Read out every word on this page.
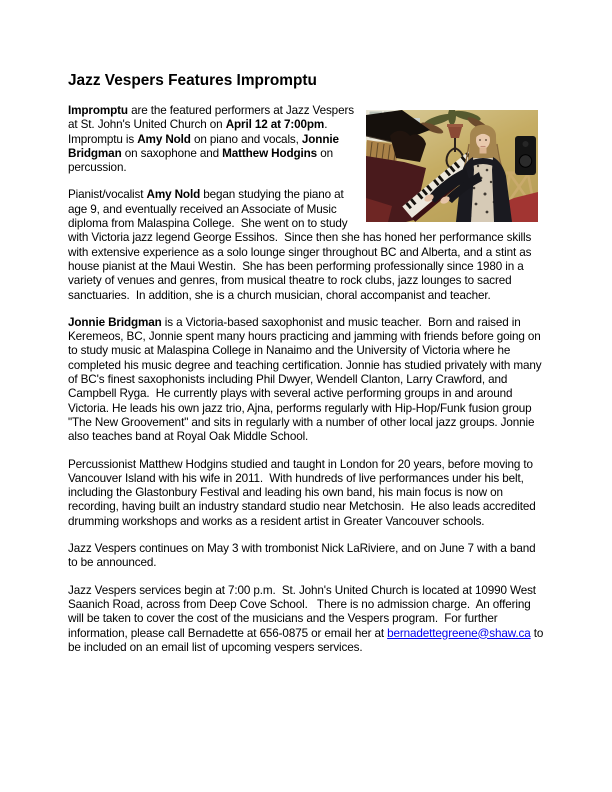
Jazz Vespers Features Impromptu

Impromptu are the featured performers at Jazz Vespers at St. John's United Church on April 12 at 7:00pm.  Impromptu is Amy Nold on piano and vocals, Jonnie Bridgman on saxophone and Matthew Hodgins on percussion.

Pianist/vocalist Amy Nold began studying the piano at age 9, and eventually received an Associate of Music diploma from Malaspina College.  She went on to study with Victoria jazz legend George Essihos.  Since then she has honed her performance skills with extensive experience as a solo lounge singer throughout BC and Alberta, and a stint as house pianist at the Maui Westin.  She has been performing professionally since 1980 in a variety of venues and genres, from musical theatre to rock clubs, jazz lounges to sacred sanctuaries.  In addition, she is a church musician, choral accompanist and teacher.

Jonnie Bridgman is a Victoria-based saxophonist and music teacher.  Born and raised in Keremeos, BC, Jonnie spent many hours practicing and jamming with friends before going on to study music at Malaspina College in Nanaimo and the University of Victoria where he completed his music degree and teaching certification. Jonnie has studied privately with many of BC's finest saxophonists including Phil Dwyer, Wendell Clanton, Larry Crawford, and Campbell Ryga.  He currently plays with several active performing groups in and around Victoria. He leads his own jazz trio, Ajna, performs regularly with Hip-Hop/Funk fusion group "The New Groovement" and sits in regularly with a number of other local jazz groups. Jonnie also teaches band at Royal Oak Middle School.

Percussionist Matthew Hodgins studied and taught in London for 20 years, before moving to Vancouver Island with his wife in 2011.  With hundreds of live performances under his belt, including the Glastonbury Festival and leading his own band, his main focus is now on recording, having built an industry standard studio near Metchosin.  He also leads accredited drumming workshops and works as a resident artist in Greater Vancouver schools.

Jazz Vespers continues on May 3 with trombonist Nick LaRiviere, and on June 7 with a band to be announced.

Jazz Vespers services begin at 7:00 p.m.  St. John's United Church is located at 10990 West Saanich Road, across from Deep Cove School.   There is no admission charge.  An offering will be taken to cover the cost of the musicians and the Vespers program.  For further information, please call Bernadette at 656-0875 or email her at bernadettegreene@shaw.ca to be included on an email list of upcoming vespers services.
